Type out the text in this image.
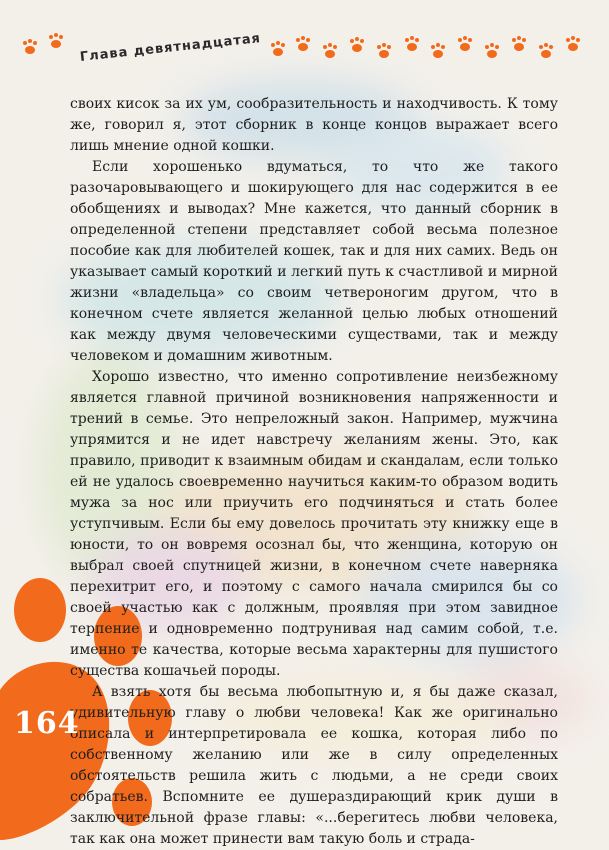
Глава девятнадцатая

своих кисок за их ум, сообразительность и находчивость. К тому же, говорил я, этот сборник в конце концов выражает всего лишь мнение одной кошки.

Если хорошенько вдуматься, то что же такого разочаровывающего и шокирующего для нас содержится в ее обобщениях и выводах? Мне кажется, что данный сборник в определенной степени представляет собой весьма полезное пособие как для любителей кошек, так и для них самих. Ведь он указывает самый короткий и легкий путь к счастливой и мирной жизни «владельца» со своим четвероногим другом, что в конечном счете является желанной целью любых отношений как между двумя человеческими существами, так и между человеком и домашним животным.

Хорошо известно, что именно сопротивление неизбежному является главной причиной возникновения напряженности и трений в семье. Это непреложный закон. Например, мужчина упрямится и не идет навстречу желаниям жены. Это, как правило, приводит к взаимным обидам и скандалам, если только ей не удалось своевременно научиться каким-то образом водить мужа за нос или приучить его подчиняться и стать более уступчивым. Если бы ему довелось прочитать эту книжку еще в юности, то он вовремя осознал бы, что женщина, которую он выбрал своей спутницей жизни, в конечном счете наверняка перехитрит его, и поэтому с самого начала смирился бы со своей участью как с должным, проявляя при этом завидное терпение и одновременно подтрунивая над самим собой, т.е. именно те качества, которые весьма характерны для пушистого существа кошачьей породы.

А взять хотя бы весьма любопытную и, я бы даже сказал, удивительную главу о любви человека! Как же оригинально описала и интерпретировала ее кошка, которая либо по собственному желанию или же в силу определенных обстоятельств решила жить с людьми, а не среди своих собратьев. Вспомните ее душераздирающий крик души в заключительной фразе главы: «...берегитесь любви человека, так как она может принести вам такую боль и страда-

164
